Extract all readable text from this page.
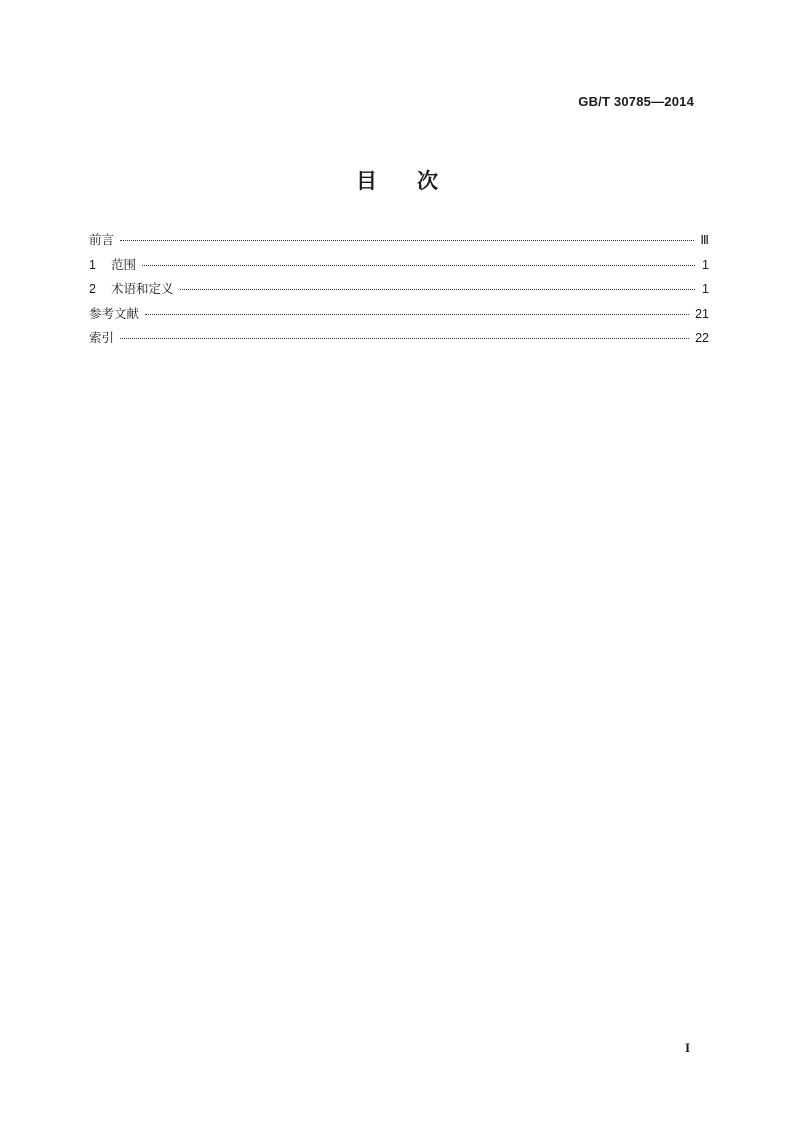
GB/T 30785—2014
目 次
前言	Ⅲ
1 范围	1
2 术语和定义	1
参考文献	21
索引	22
I
